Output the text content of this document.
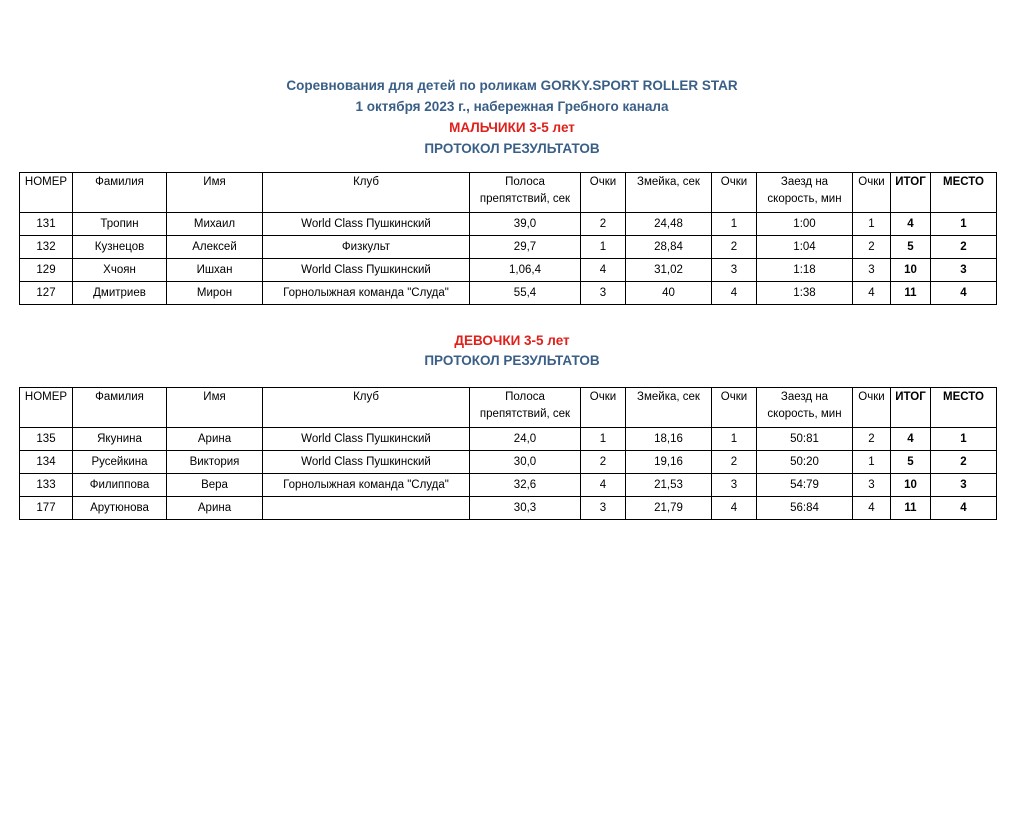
Соревнования для детей по роликам GORKY.SPORT ROLLER STAR
1 октября 2023 г., набережная Гребного канала
МАЛЬЧИКИ 3-5 лет
ПРОТОКОЛ РЕЗУЛЬТАТОВ
НОМЕР	Фамилия	Имя	Клуб	Полоса препятствий, сек	Очки	Змейка, сек	Очки	Заезд на скорость, мин	Очки	ИТОГ	МЕСТО
131	Тропин	Михаил	World Class Пушкинский	39,0	2	24,48	1	1:00	1	4	1
132	Кузнецов	Алексей	Физкульт	29,7	1	28,84	2	1:04	2	5	2
129	Хчоян	Ишхан	World Class Пушкинский	1,06,4	4	31,02	3	1:18	3	10	3
127	Дмитриев	Мирон	Горнолыжная команда "Слуда"	55,4	3	40	4	1:38	4	11	4
ДЕВОЧКИ 3-5 лет
ПРОТОКОЛ РЕЗУЛЬТАТОВ
НОМЕР	Фамилия	Имя	Клуб	Полоса препятствий, сек	Очки	Змейка, сек	Очки	Заезд на скорость, мин	Очки	ИТОГ	МЕСТО
135	Якунина	Арина	World Class Пушкинский	24,0	1	18,16	1	50:81	2	4	1
134	Русейкина	Виктория	World Class Пушкинский	30,0	2	19,16	2	50:20	1	5	2
133	Филиппова	Вера	Горнолыжная команда "Слуда"	32,6	4	21,53	3	54:79	3	10	3
177	Арутюнова	Арина		30,3	3	21,79	4	56:84	4	11	4
